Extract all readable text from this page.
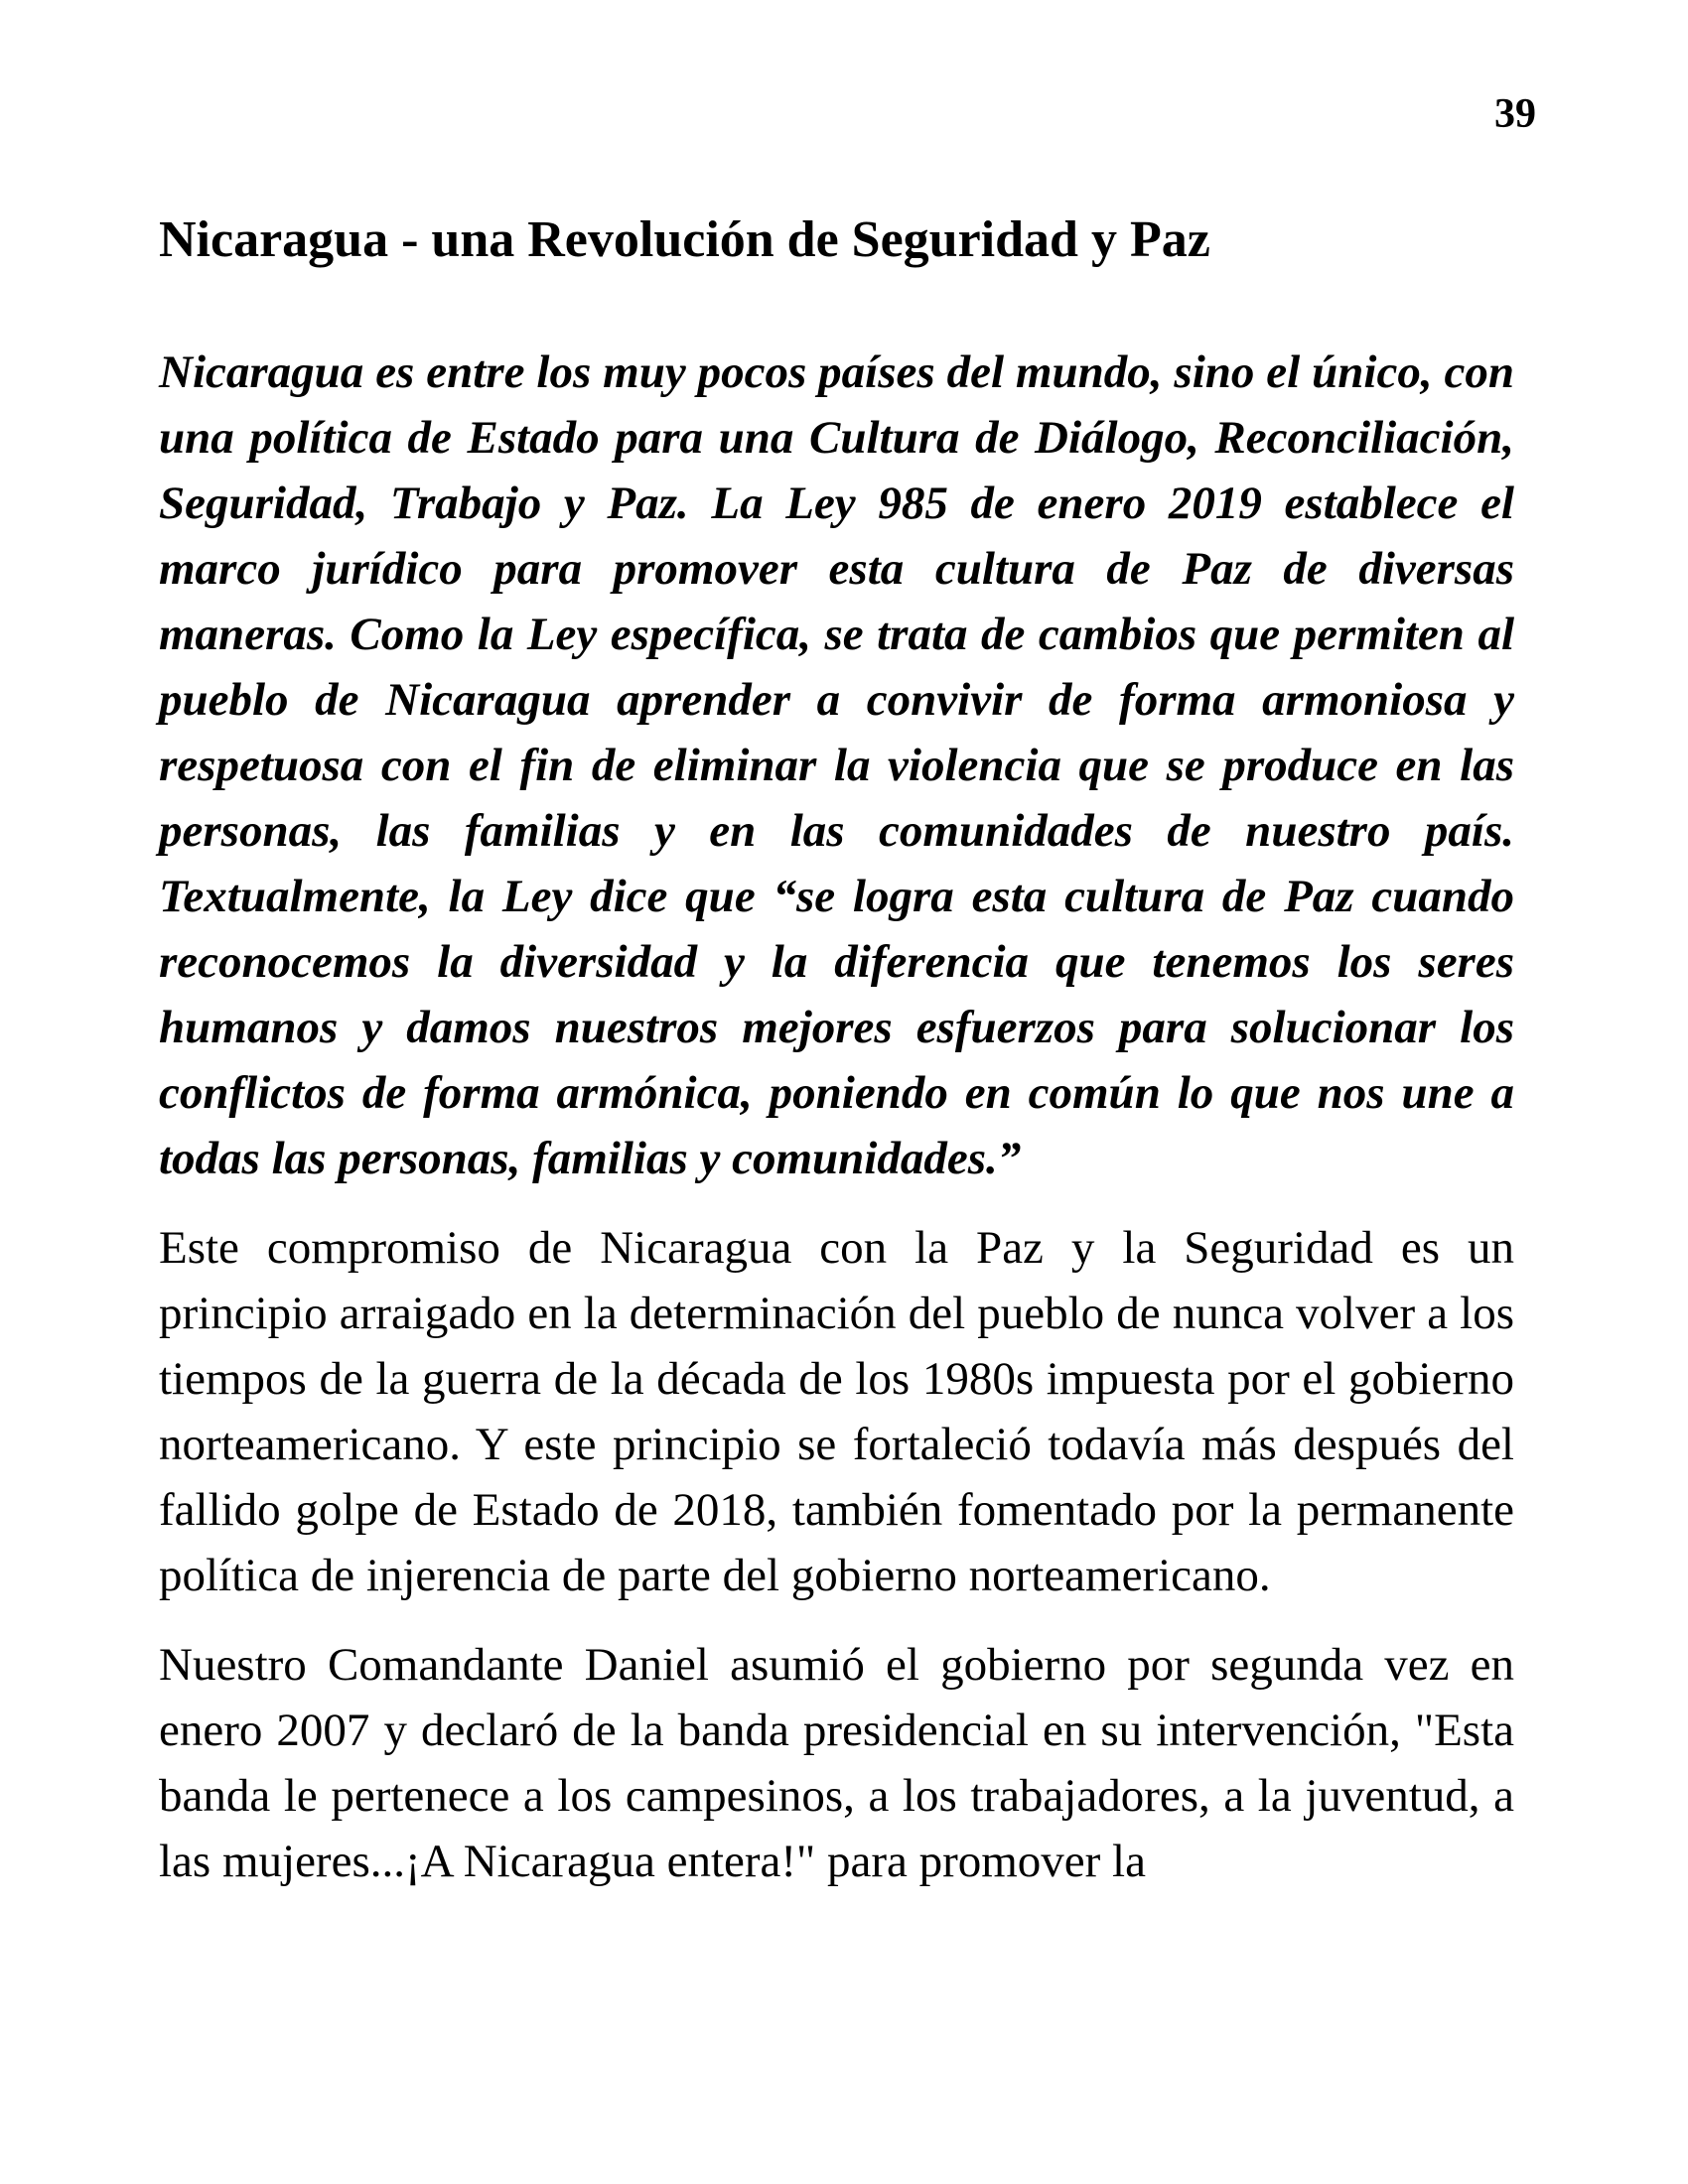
39
Nicaragua - una Revolución de Seguridad y Paz

Nicaragua es entre los muy pocos países del mundo, sino el único, con una política de Estado para una Cultura de Diálogo, Reconciliación, Seguridad, Trabajo y Paz. La Ley 985 de enero 2019 establece el marco jurídico para promover esta cultura de Paz de diversas maneras. Como la Ley específica, se trata de cambios que permiten al pueblo de Nicaragua aprender a convivir de forma armoniosa y respetuosa con el fin de eliminar la violencia que se produce en las personas, las familias y en las comunidades de nuestro país. Textualmente, la Ley dice que “se logra esta cultura de Paz cuando reconocemos la diversidad y la diferencia que tenemos los seres humanos y damos nuestros mejores esfuerzos para solucionar los conflictos de forma armónica, poniendo en común lo que nos une a todas las personas, familias y comunidades.”

Este compromiso de Nicaragua con la Paz y la Seguridad es un principio arraigado en la determinación del pueblo de nunca volver a los tiempos de la guerra de la década de los 1980s impuesta por el gobierno norteamericano. Y este principio se fortaleció todavía más después del fallido golpe de Estado de 2018, también fomentado por la permanente política de injerencia de parte del gobierno norteamericano.

Nuestro Comandante Daniel asumió el gobierno por segunda vez en enero 2007 y declaró de la banda presidencial en su intervención, "Esta banda le pertenece a los campesinos, a los trabajadores, a la juventud, a las mujeres...¡A Nicaragua entera!" para promover la
